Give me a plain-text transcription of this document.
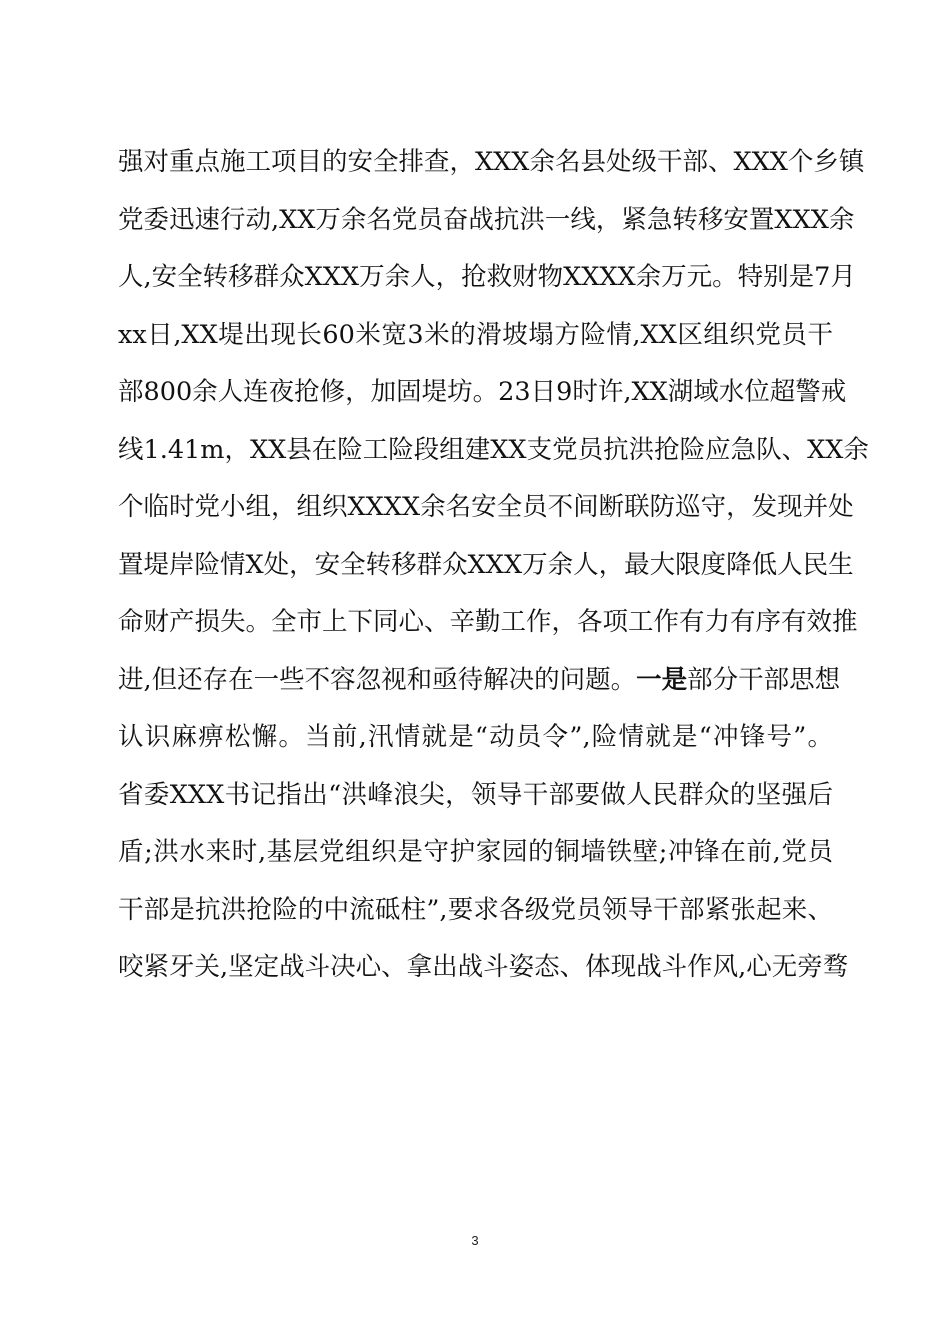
强对重点施工项目的安全排查，XXX余名县处级干部、XXX个乡镇
党委迅速行动,XX万余名党员奋战抗洪一线，紧急转移安置XXX余
人,安全转移群众XXX万余人，抢救财物XXXX余万元。特别是7月
xx日,XX堤出现长60米宽3米的滑坡塌方险情,XX区组织党员干
部800余人连夜抢修，加固堤坊。23日9时许,XX湖域水位超警戒
线1.41m，XX县在险工险段组建XX支党员抗洪抢险应急队、XX余
个临时党小组，组织XXXX余名安全员不间断联防巡守，发现并处
置堤岸险情X处，安全转移群众XXX万余人，最大限度降低人民生
命财产损失。全市上下同心、辛勤工作，各项工作有力有序有效推
进,但还存在一些不容忽视和亟待解决的问题。一是部分干部思想
认识麻痹松懈。当前,汛情就是“动员令”,险情就是“冲锋号”。
省委XXX书记指出“洪峰浪尖，领导干部要做人民群众的坚强后
盾;洪水来时,基层党组织是守护家园的铜墙铁壁;冲锋在前,党员
干部是抗洪抢险的中流砥柱”,要求各级党员领导干部紧张起来、
咬紧牙关,坚定战斗决心、拿出战斗姿态、体现战斗作风,心无旁骛
3
